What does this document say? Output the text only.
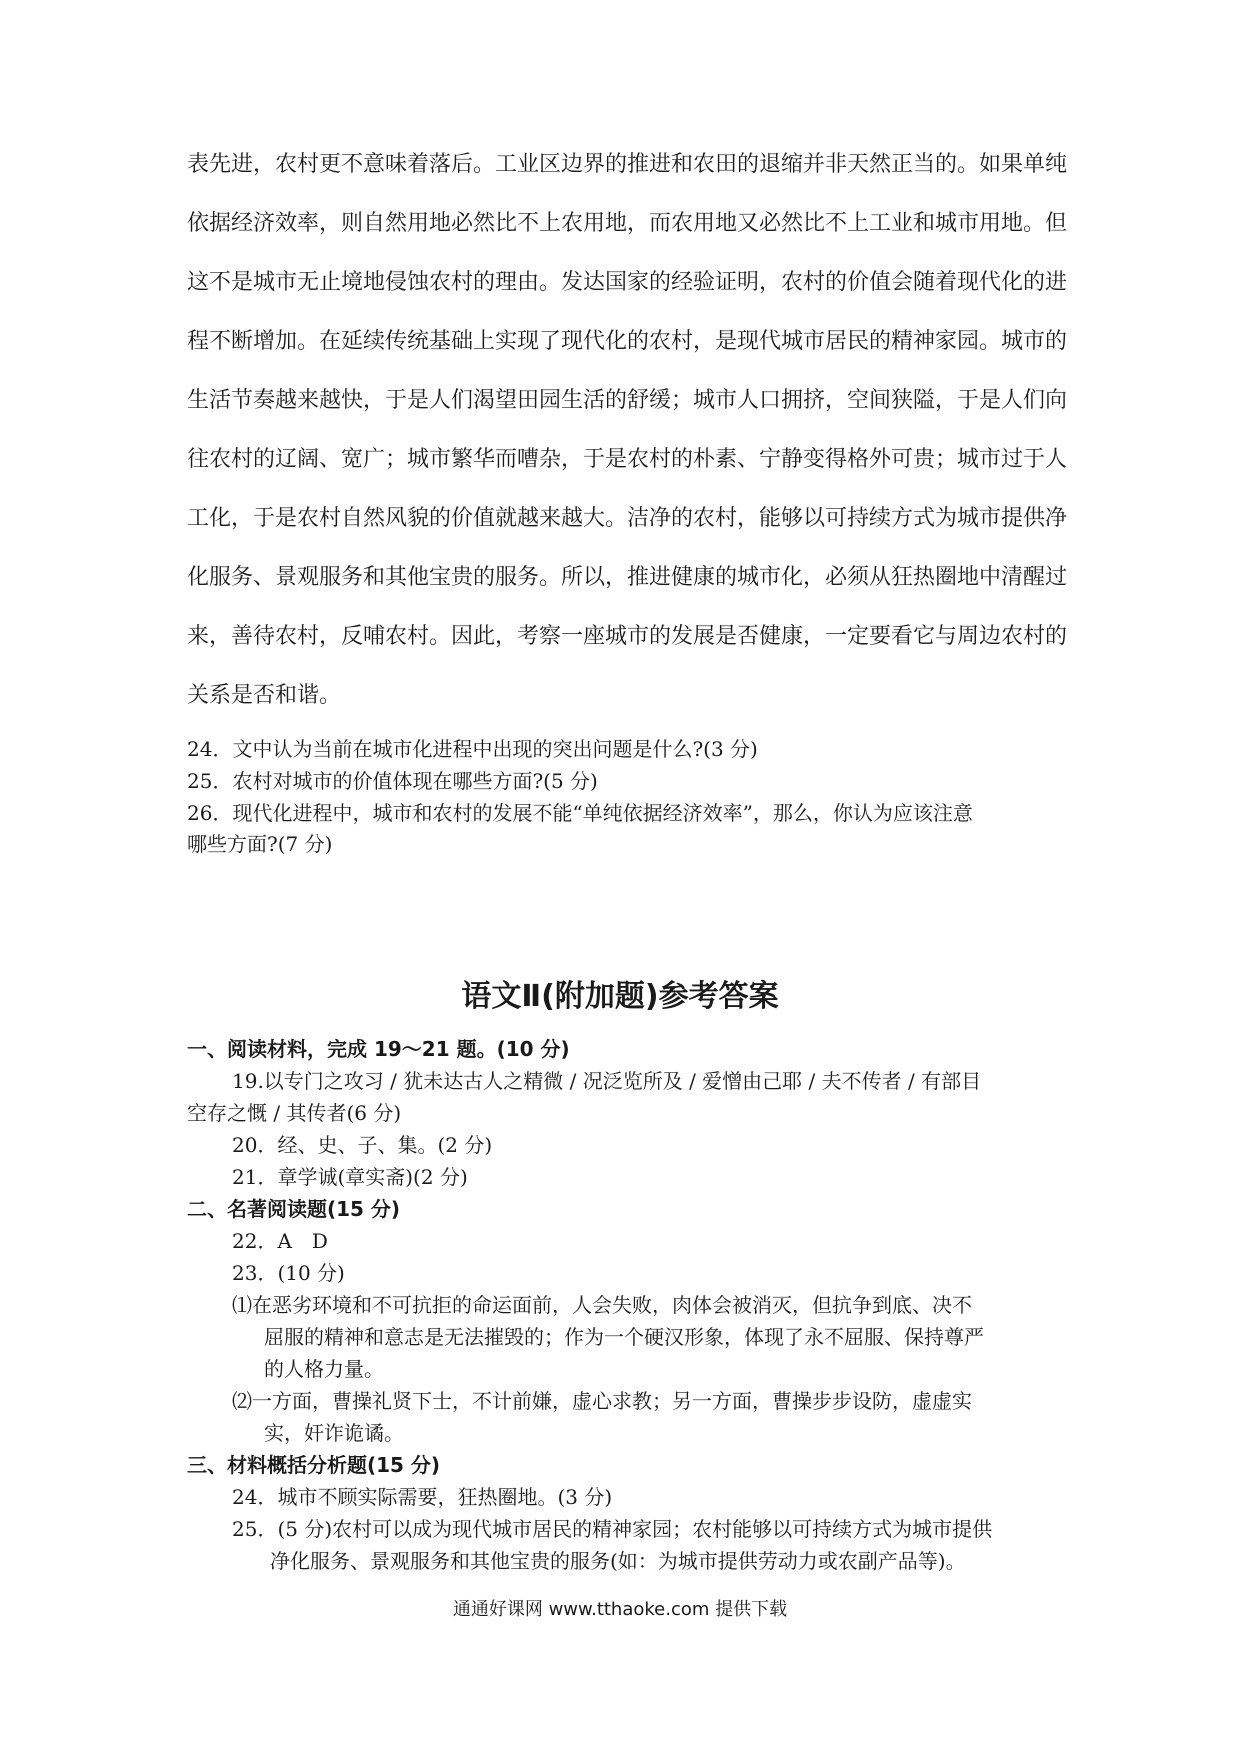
表先进，农村更不意味着落后。工业区边界的推进和农田的退缩并非天然正当的。如果单纯
依据经济效率，则自然用地必然比不上农用地，而农用地又必然比不上工业和城市用地。但
这不是城市无止境地侵蚀农村的理由。发达国家的经验证明，农村的价值会随着现代化的进
程不断增加。在延续传统基础上实现了现代化的农村，是现代城市居民的精神家园。城市的
生活节奏越来越快，于是人们渴望田园生活的舒缓；城市人口拥挤，空间狭隘，于是人们向
往农村的辽阔、宽广；城市繁华而嘈杂，于是农村的朴素、宁静变得格外可贵；城市过于人
工化，于是农村自然风貌的价值就越来越大。洁净的农村，能够以可持续方式为城市提供净
化服务、景观服务和其他宝贵的服务。所以，推进健康的城市化，必须从狂热圈地中清醒过
来，善待农村，反哺农村。因此，考察一座城市的发展是否健康，一定要看它与周边农村的
关系是否和谐。
24．文中认为当前在城市化进程中出现的突出问题是什么?(3 分)
25．农村对城市的价值体现在哪些方面?(5 分)
26．现代化进程中，城市和农村的发展不能“单纯依据经济效率”，那么，你认为应该注意
哪些方面?(7 分)
语文Ⅱ(附加题)参考答案
一、阅读材料，完成 19～21 题。(10 分)
19.以专门之攻习 / 犹未达古人之精微 / 况泛览所及 / 爱憎由己耶 / 夫不传者 / 有部目
空存之慨 / 其传者(6 分)
20．经、史、子、集。(2 分)
21．章学诚(章实斋)(2 分)
二、名著阅读题(15 分)
22．A　D
23．(10 分)
⑴在恶劣环境和不可抗拒的命运面前，人会失败，肉体会被消灭，但抗争到底、决不
屈服的精神和意志是无法摧毁的；作为一个硬汉形象，体现了永不屈服、保持尊严
的人格力量。
⑵一方面，曹操礼贤下士，不计前嫌，虚心求教；另一方面，曹操步步设防，虚虚实
实，奸诈诡谲。
三、材料概括分析题(15 分)
24．城市不顾实际需要，狂热圈地。(3 分)
25．(5 分)农村可以成为现代城市居民的精神家园；农村能够以可持续方式为城市提供
净化服务、景观服务和其他宝贵的服务(如：为城市提供劳动力或农副产品等)。
通通好课网 www.tthaoke.com 提供下载
